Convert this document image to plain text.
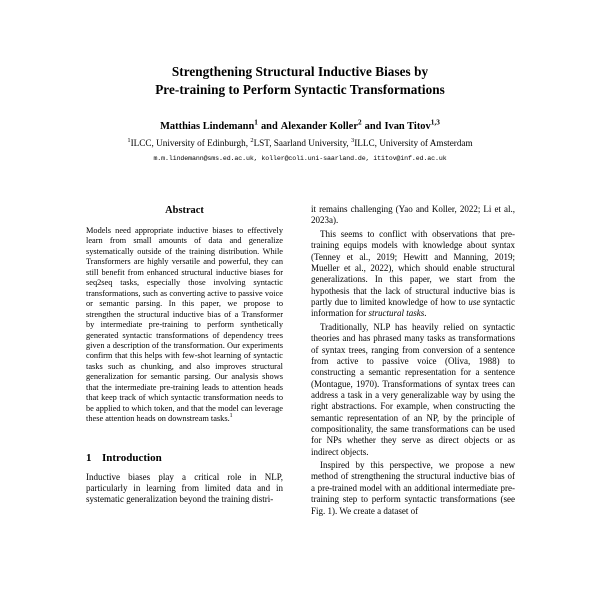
Strengthening Structural Inductive Biases by
Pre-training to Perform Syntactic Transformations
Matthias Lindemann$^1$ and Alexander Koller$^2$ and Ivan Titov$^{1,3}$
$^1$ILCC, University of Edinburgh, $^2$LST, Saarland University, $^3$ILLC, University of Amsterdam
m.m.lindemann@sms.ed.ac.uk, koller@coli.uni-saarland.de, ititov@inf.ed.ac.uk
Abstract

Models need appropriate inductive biases to effectively learn from small amounts of data and generalize systematically outside of the training distribution. While Transformers are highly versatile and powerful, they can still benefit from enhanced structural inductive biases for seq2seq tasks, especially those involving syntactic transformations, such as converting active to passive voice or semantic parsing. In this paper, we propose to strengthen the structural inductive bias of a Transformer by intermediate pre-training to perform synthetically generated syntactic transformations of dependency trees given a description of the transformation. Our experiments confirm that this helps with few-shot learning of syntactic tasks such as chunking, and also improves structural generalization for semantic parsing. Our analysis shows that the intermediate pre-training leads to attention heads that keep track of which syntactic transformation needs to be applied to which token, and that the model can leverage these attention heads on downstream tasks.$^1$

1 Introduction

Inductive biases play a critical role in NLP, particularly in learning from limited data and in systematic generalization beyond the training distri-

it remains challenging (Yao and Koller, 2022; Li et al., 2023a).

This seems to conflict with observations that pre-training equips models with knowledge about syntax (Tenney et al., 2019; Hewitt and Manning, 2019; Mueller et al., 2022), which should enable structural generalizations. In this paper, we start from the hypothesis that the lack of structural inductive bias is partly due to limited knowledge of how to use syntactic information for structural tasks.

Traditionally, NLP has heavily relied on syntactic theories and has phrased many tasks as transformations of syntax trees, ranging from conversion of a sentence from active to passive voice (Oliva, 1988) to constructing a semantic representation for a sentence (Montague, 1970). Transformations of syntax trees can address a task in a very generalizable way by using the right abstractions. For example, when constructing the semantic representation of an NP, by the principle of compositionality, the same transformations can be used for NPs whether they serve as direct objects or as indirect objects.

Inspired by this perspective, we propose a new method of strengthening the structural inductive bias of a pre-trained model with an additional intermediate pre-training step to perform syntactic transformations (see Fig. 1). We create a dataset of
